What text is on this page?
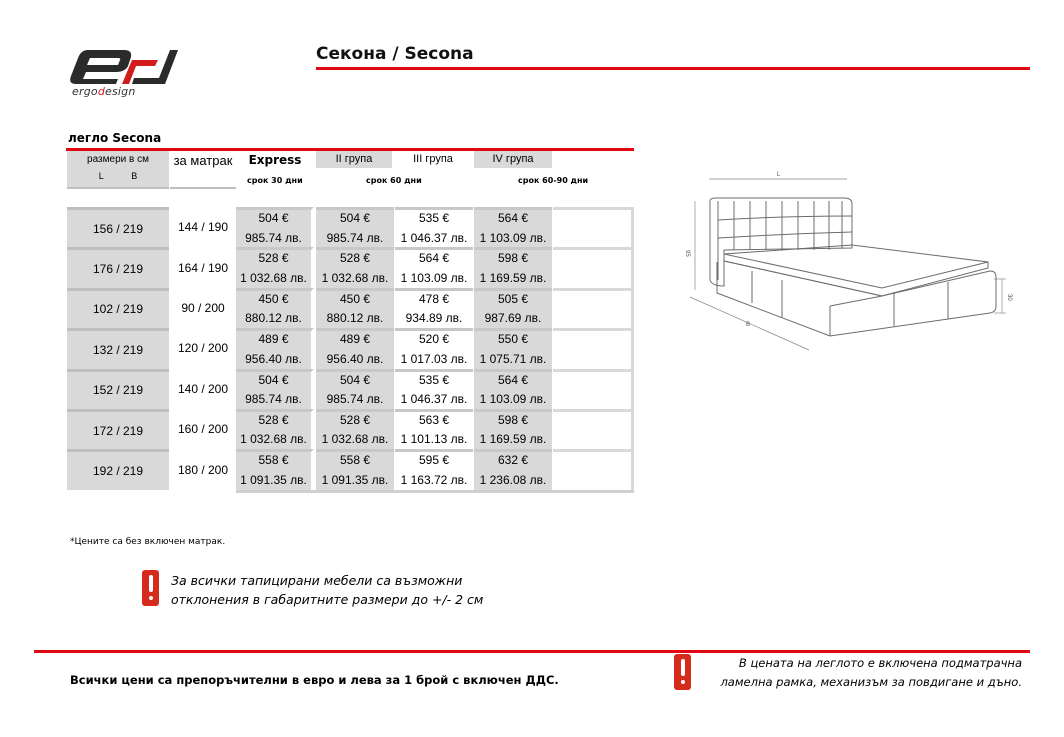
ergodesign
Секона / Secona
легло Secona
размери в см
L	B
за матрак	Express	II група	III група	IV група
срок 30 дни	срок 60 дни	срок 60-90 дни
156 / 219	144 / 190
504 €
985.74 лв.
504 €
985.74 лв.
535 €
1 046.37 лв.
564 €
1 103.09 лв.
176 / 219	164 / 190
528 €
1 032.68 лв.
528 €
1 032.68 лв.
564 €
1 103.09 лв.
598 €
1 169.59 лв.
102 / 219	90 / 200
450 €
880.12 лв.
450 €
880.12 лв.
478 €
934.89 лв.
505 €
987.69 лв.
132 / 219	120 / 200
489 €
956.40 лв.
489 €
956.40 лв.
520 €
1 017.03 лв.
550 €
1 075.71 лв.
152 / 219	140 / 200
504 €
985.74 лв.
504 €
985.74 лв.
535 €
1 046.37 лв.
564 €
1 103.09 лв.
172 / 219	160 / 200
528 €
1 032.68 лв.
528 €
1 032.68 лв.
563 €
1 101.13 лв.
598 €
1 169.59 лв.
192 / 219	180 / 200
558 €
1 091.35 лв.
558 €
1 091.35 лв.
595 €
1 163.72 лв.
632 €
1 236.08 лв.
L
95
30
B
*Цените са без включен матрак.
За всички тапицирани мебели са възможни
отклонения в габаритните размери до +/- 2 см
Всички цени са препоръчителни в евро и лева за 1 брой с включен ДДС.
В цената на леглото е включена подматрачна
ламелна рамка, механизъм за повдигане и дъно.
